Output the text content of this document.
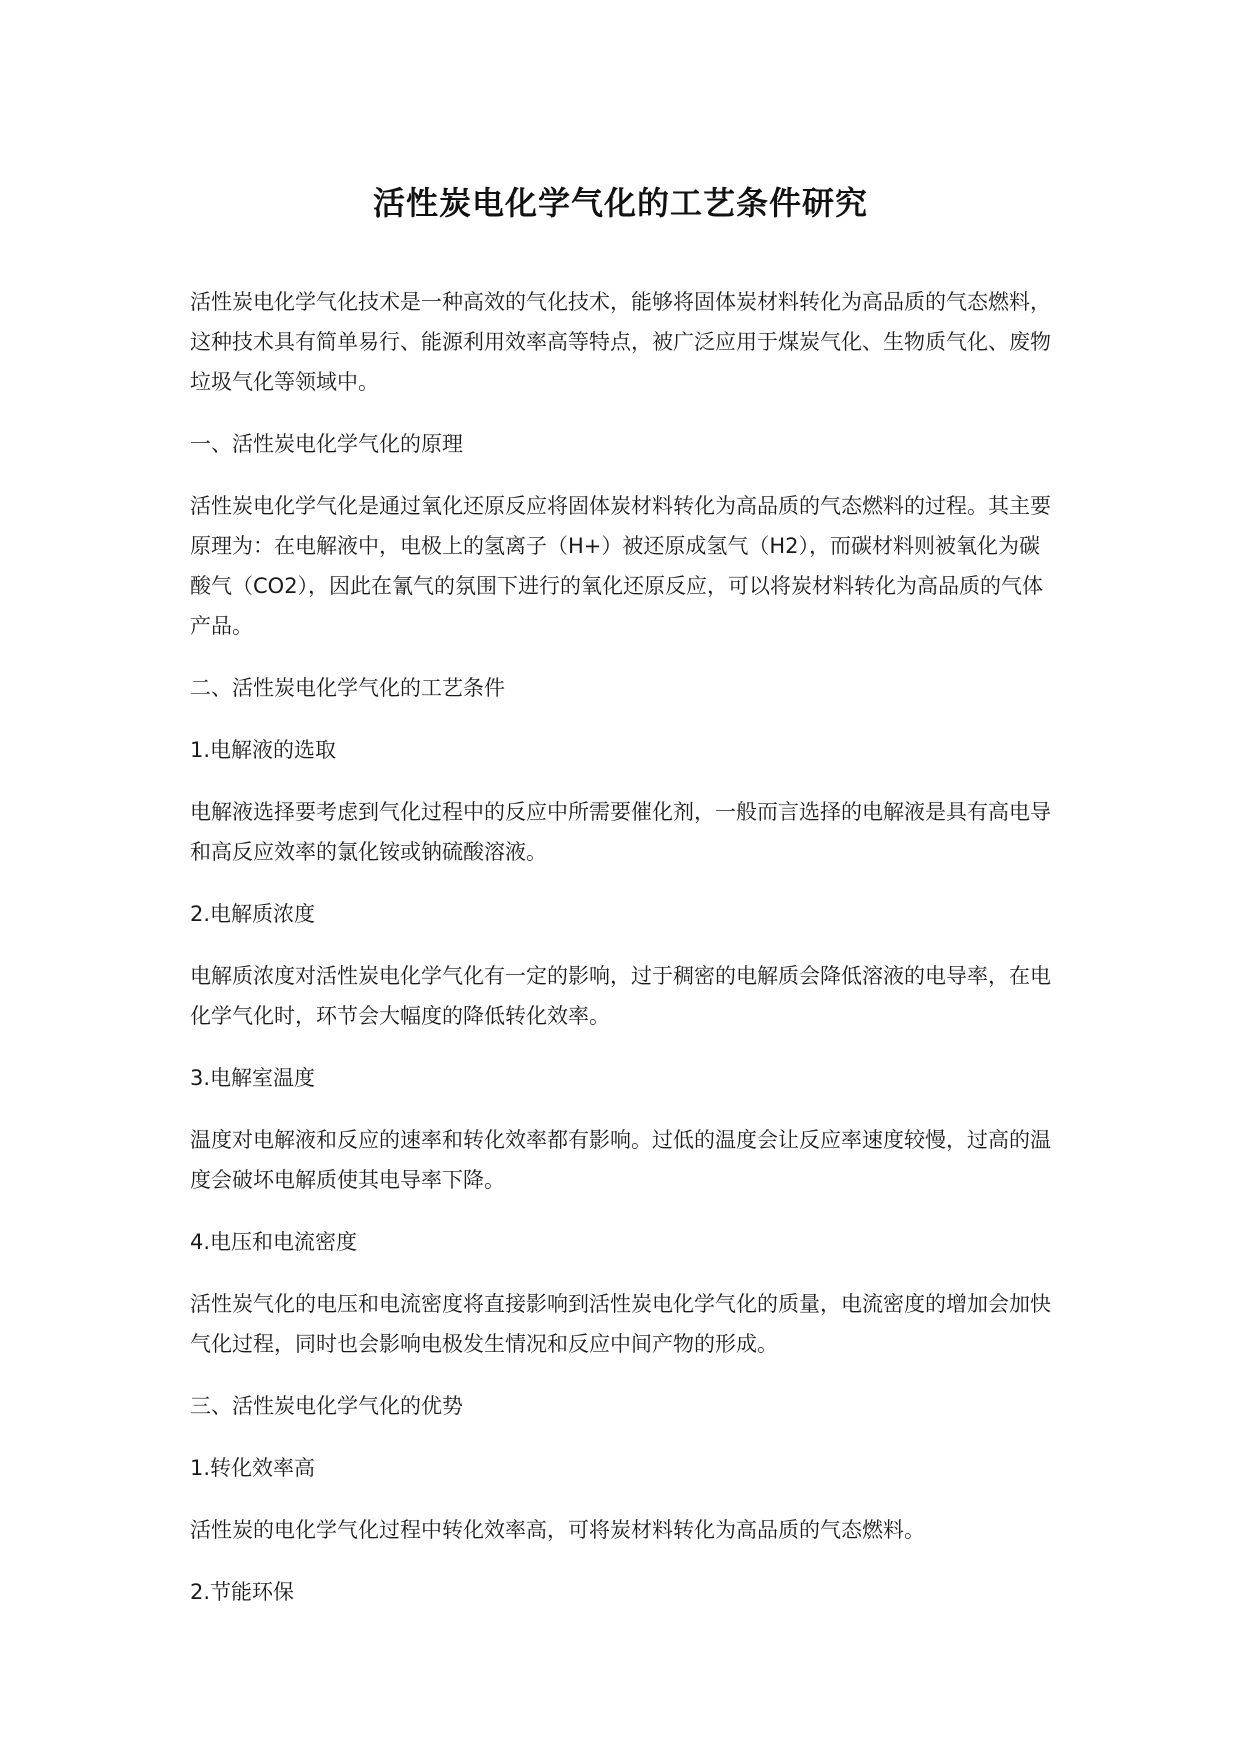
活性炭电化学气化的工艺条件研究

活性炭电化学气化技术是一种高效的气化技术，能够将固体炭材料转化为高品质的气态燃料，这种技术具有简单易行、能源利用效率高等特点，被广泛应用于煤炭气化、生物质气化、废物垃圾气化等领域中。

一、活性炭电化学气化的原理

活性炭电化学气化是通过氧化还原反应将固体炭材料转化为高品质的气态燃料的过程。其主要原理为：在电解液中，电极上的氢离子（H+）被还原成氢气（H2），而碳材料则被氧化为碳酸气（CO2），因此在氰气的氛围下进行的氧化还原反应，可以将炭材料转化为高品质的气体产品。

二、活性炭电化学气化的工艺条件

1.电解液的选取

电解液选择要考虑到气化过程中的反应中所需要催化剂，一般而言选择的电解液是具有高电导和高反应效率的氯化铵或钠硫酸溶液。

2.电解质浓度

电解质浓度对活性炭电化学气化有一定的影响，过于稠密的电解质会降低溶液的电导率，在电化学气化时，环节会大幅度的降低转化效率。

3.电解室温度

温度对电解液和反应的速率和转化效率都有影响。过低的温度会让反应率速度较慢，过高的温度会破坏电解质使其电导率下降。

4.电压和电流密度

活性炭气化的电压和电流密度将直接影响到活性炭电化学气化的质量，电流密度的增加会加快气化过程，同时也会影响电极发生情况和反应中间产物的形成。

三、活性炭电化学气化的优势

1.转化效率高

活性炭的电化学气化过程中转化效率高，可将炭材料转化为高品质的气态燃料。

2.节能环保
